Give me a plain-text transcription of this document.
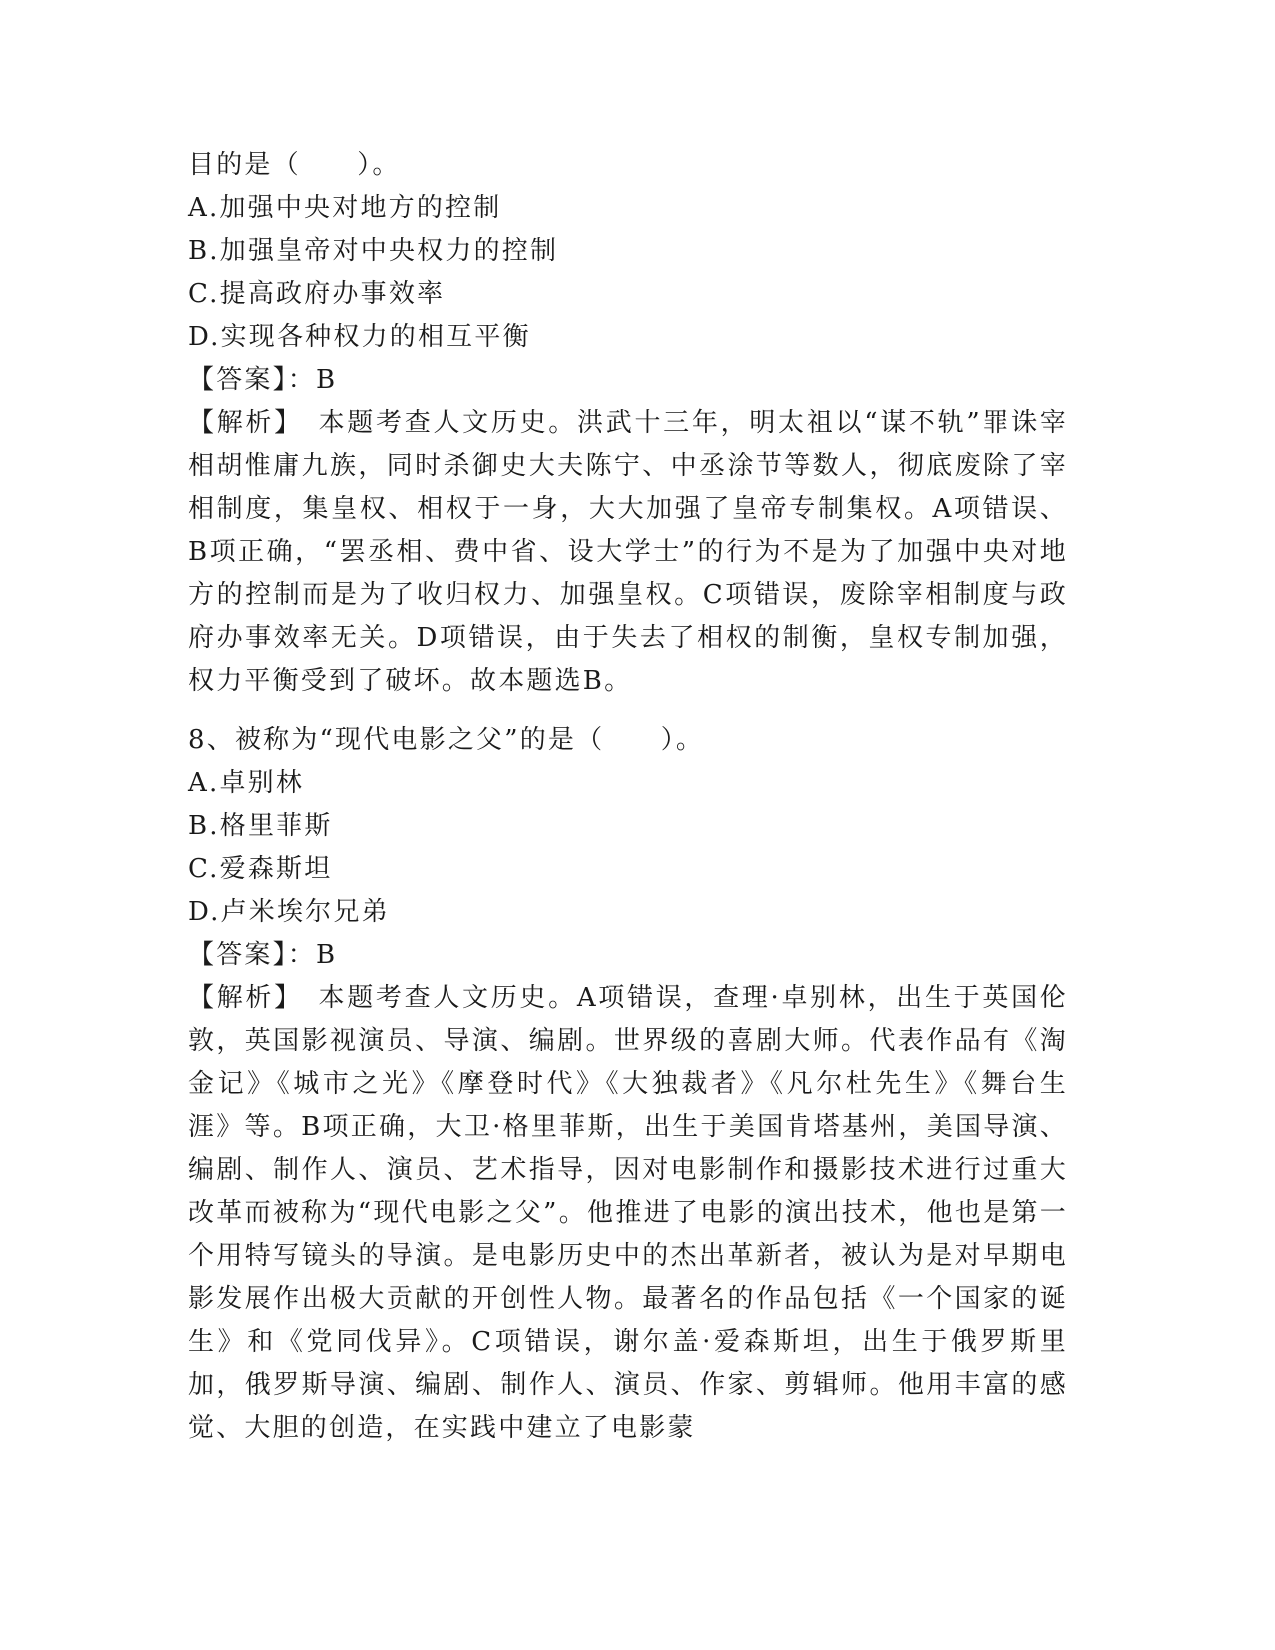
目的是（　　）。
A.加强中央对地方的控制
B.加强皇帝对中央权力的控制
C.提高政府办事效率
D.实现各种权力的相互平衡
【答案】：B
【解析】　本题考查人文历史。洪武十三年，明太祖以“谋不轨”罪诛宰相胡惟庸九族，同时杀御史大夫陈宁、中丞涂节等数人，彻底废除了宰相制度，集皇权、相权于一身，大大加强了皇帝专制集权。A项错误、B项正确，“罢丞相、费中省、设大学士”的行为不是为了加强中央对地方的控制而是为了收归权力、加强皇权。C项错误，废除宰相制度与政府办事效率无关。D项错误，由于失去了相权的制衡，皇权专制加强，权力平衡受到了破坏。故本题选B。
8、被称为“现代电影之父”的是（　　）。
A.卓别林
B.格里菲斯
C.爱森斯坦
D.卢米埃尔兄弟
【答案】：B
【解析】　本题考查人文历史。A项错误，查理·卓别林，出生于英国伦敦，英国影视演员、导演、编剧。世界级的喜剧大师。代表作品有《淘金记》《城市之光》《摩登时代》《大独裁者》《凡尔杜先生》《舞台生涯》等。B项正确，大卫·格里菲斯，出生于美国肯塔基州，美国导演、编剧、制作人、演员、艺术指导，因对电影制作和摄影技术进行过重大改革而被称为“现代电影之父”。他推进了电影的演出技术，他也是第一个用特写镜头的导演。是电影历史中的杰出革新者，被认为是对早期电影发展作出极大贡献的开创性人物。最著名的作品包括《一个国家的诞生》和《党同伐异》。C项错误，谢尔盖·爱森斯坦，出生于俄罗斯里加，俄罗斯导演、编剧、制作人、演员、作家、剪辑师。他用丰富的感觉、大胆的创造，在实践中建立了电影蒙
